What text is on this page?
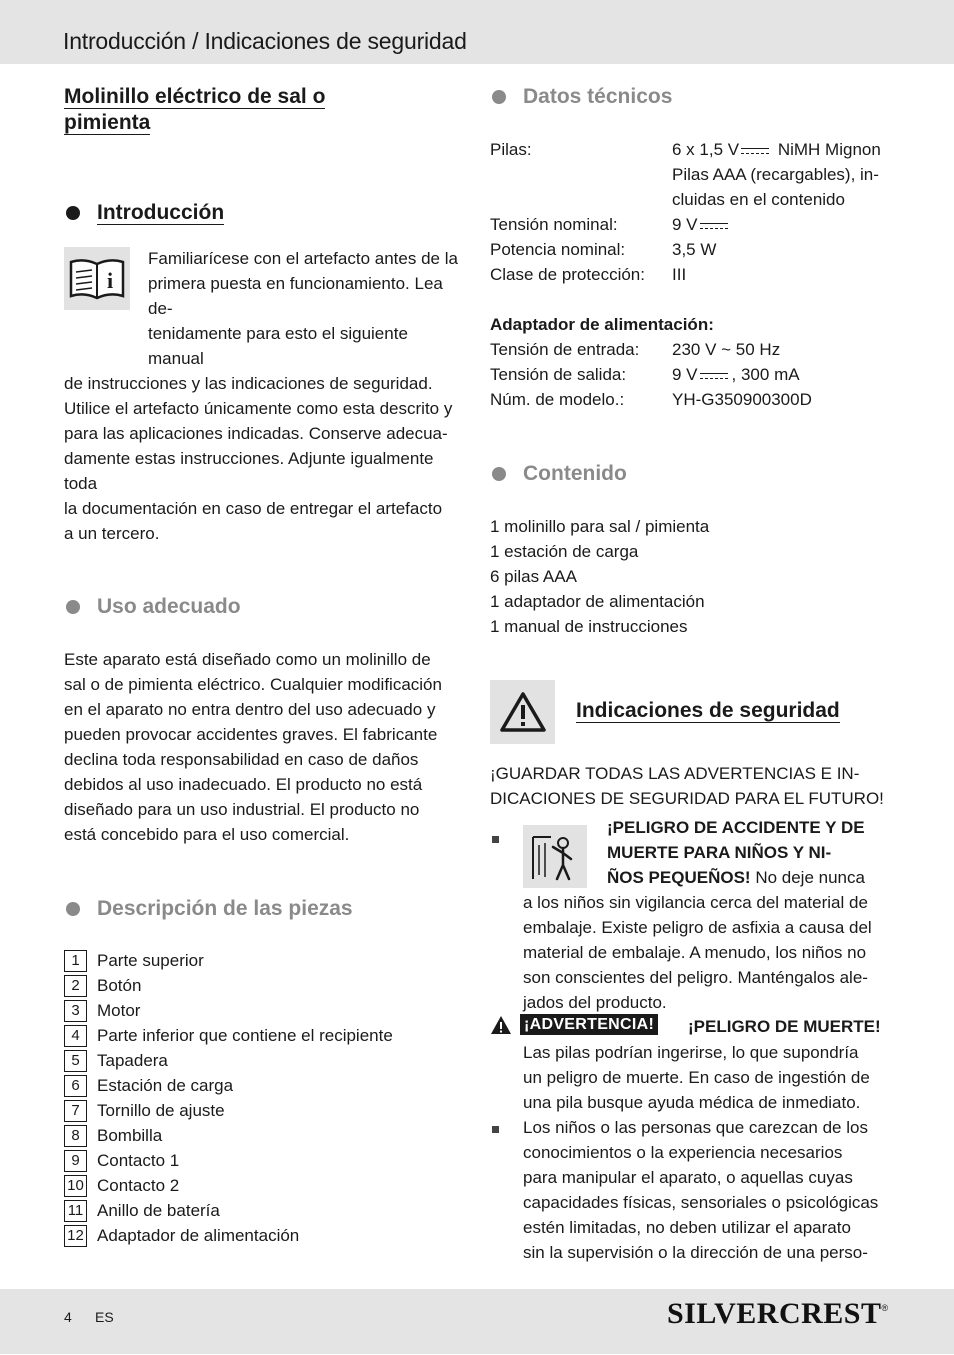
Introducción / Indicaciones de seguridad
Molinillo eléctrico de sal o
pimienta
Introducción
i
Familiarícese con el artefacto antes de la
primera puesta en funcionamiento. Lea de-
tenidamente para esto el siguiente manual
de instrucciones y las indicaciones de seguridad.
Utilice el artefacto únicamente como esta descrito y
para las aplicaciones indicadas. Conserve adecua-
damente estas instrucciones. Adjunte igualmente toda
la documentación en caso de entregar el artefacto
a un tercero.
Uso adecuado
Este aparato está diseñado como un molinillo de
sal o de pimienta eléctrico. Cualquier modificación
en el aparato no entra dentro del uso adecuado y
pueden provocar accidentes graves. El fabricante
declina toda responsabilidad en caso de daños
debidos al uso inadecuado. El producto no está
diseñado para un uso industrial. El producto no
está concebido para el uso comercial.
Descripción de las piezas
1	Parte superior
2	Botón
3	Motor
4	Parte inferior que contiene el recipiente
5	Tapadera
6	Estación de carga
7	Tornillo de ajuste
8	Bombilla
9	Contacto 1
10 Contacto 2
11 Anillo de batería
12 Adaptador de alimentación
Datos técnicos
Pilas:	6 x 1,5 V NiMH Mignon
	Pilas AAA (recargables), in-
	cluidas en el contenido
Tensión nominal:	9 V
Potencia nominal:	3,5 W
Clase de protección:	III

Adaptador de alimentación:	
Tensión de entrada:	230 V ~ 50 Hz
Tensión de salida:	9 V , 300 mA
Núm. de modelo.:	YH-G350900300D
Contenido
1 molinillo para sal / pimienta
1 estación de carga
6 pilas AAA
1 adaptador de alimentación
1 manual de instrucciones
Indicaciones de seguridad
¡GUARDAR TODAS LAS ADVERTENCIAS E IN-
DICACIONES DE SEGURIDAD PARA EL FUTURO!
¡PELIGRO DE ACCIDENTE Y DE
MUERTE PARA NIÑOS Y NI-
ÑOS PEQUEÑOS! No deje nunca
a los niños sin vigilancia cerca del material de
embalaje. Existe peligro de asfixia a causa del
material de embalaje. A menudo, los niños no
son conscientes del peligro. Manténgalos ale-
jados del producto.
¡ADVERTENCIA! ¡PELIGRO DE MUERTE!
Las pilas podrían ingerirse, lo que supondría
un peligro de muerte. En caso de ingestión de
una pila busque ayuda médica de inmediato.
Los niños o las personas que carezcan de los
conocimientos o la experiencia necesarios
para manipular el aparato, o aquellas cuyas
capacidades físicas, sensoriales o psicológicas
estén limitadas, no deben utilizar el aparato
sin la supervisión o la dirección de una perso-
4 ES	SILVERCREST®
